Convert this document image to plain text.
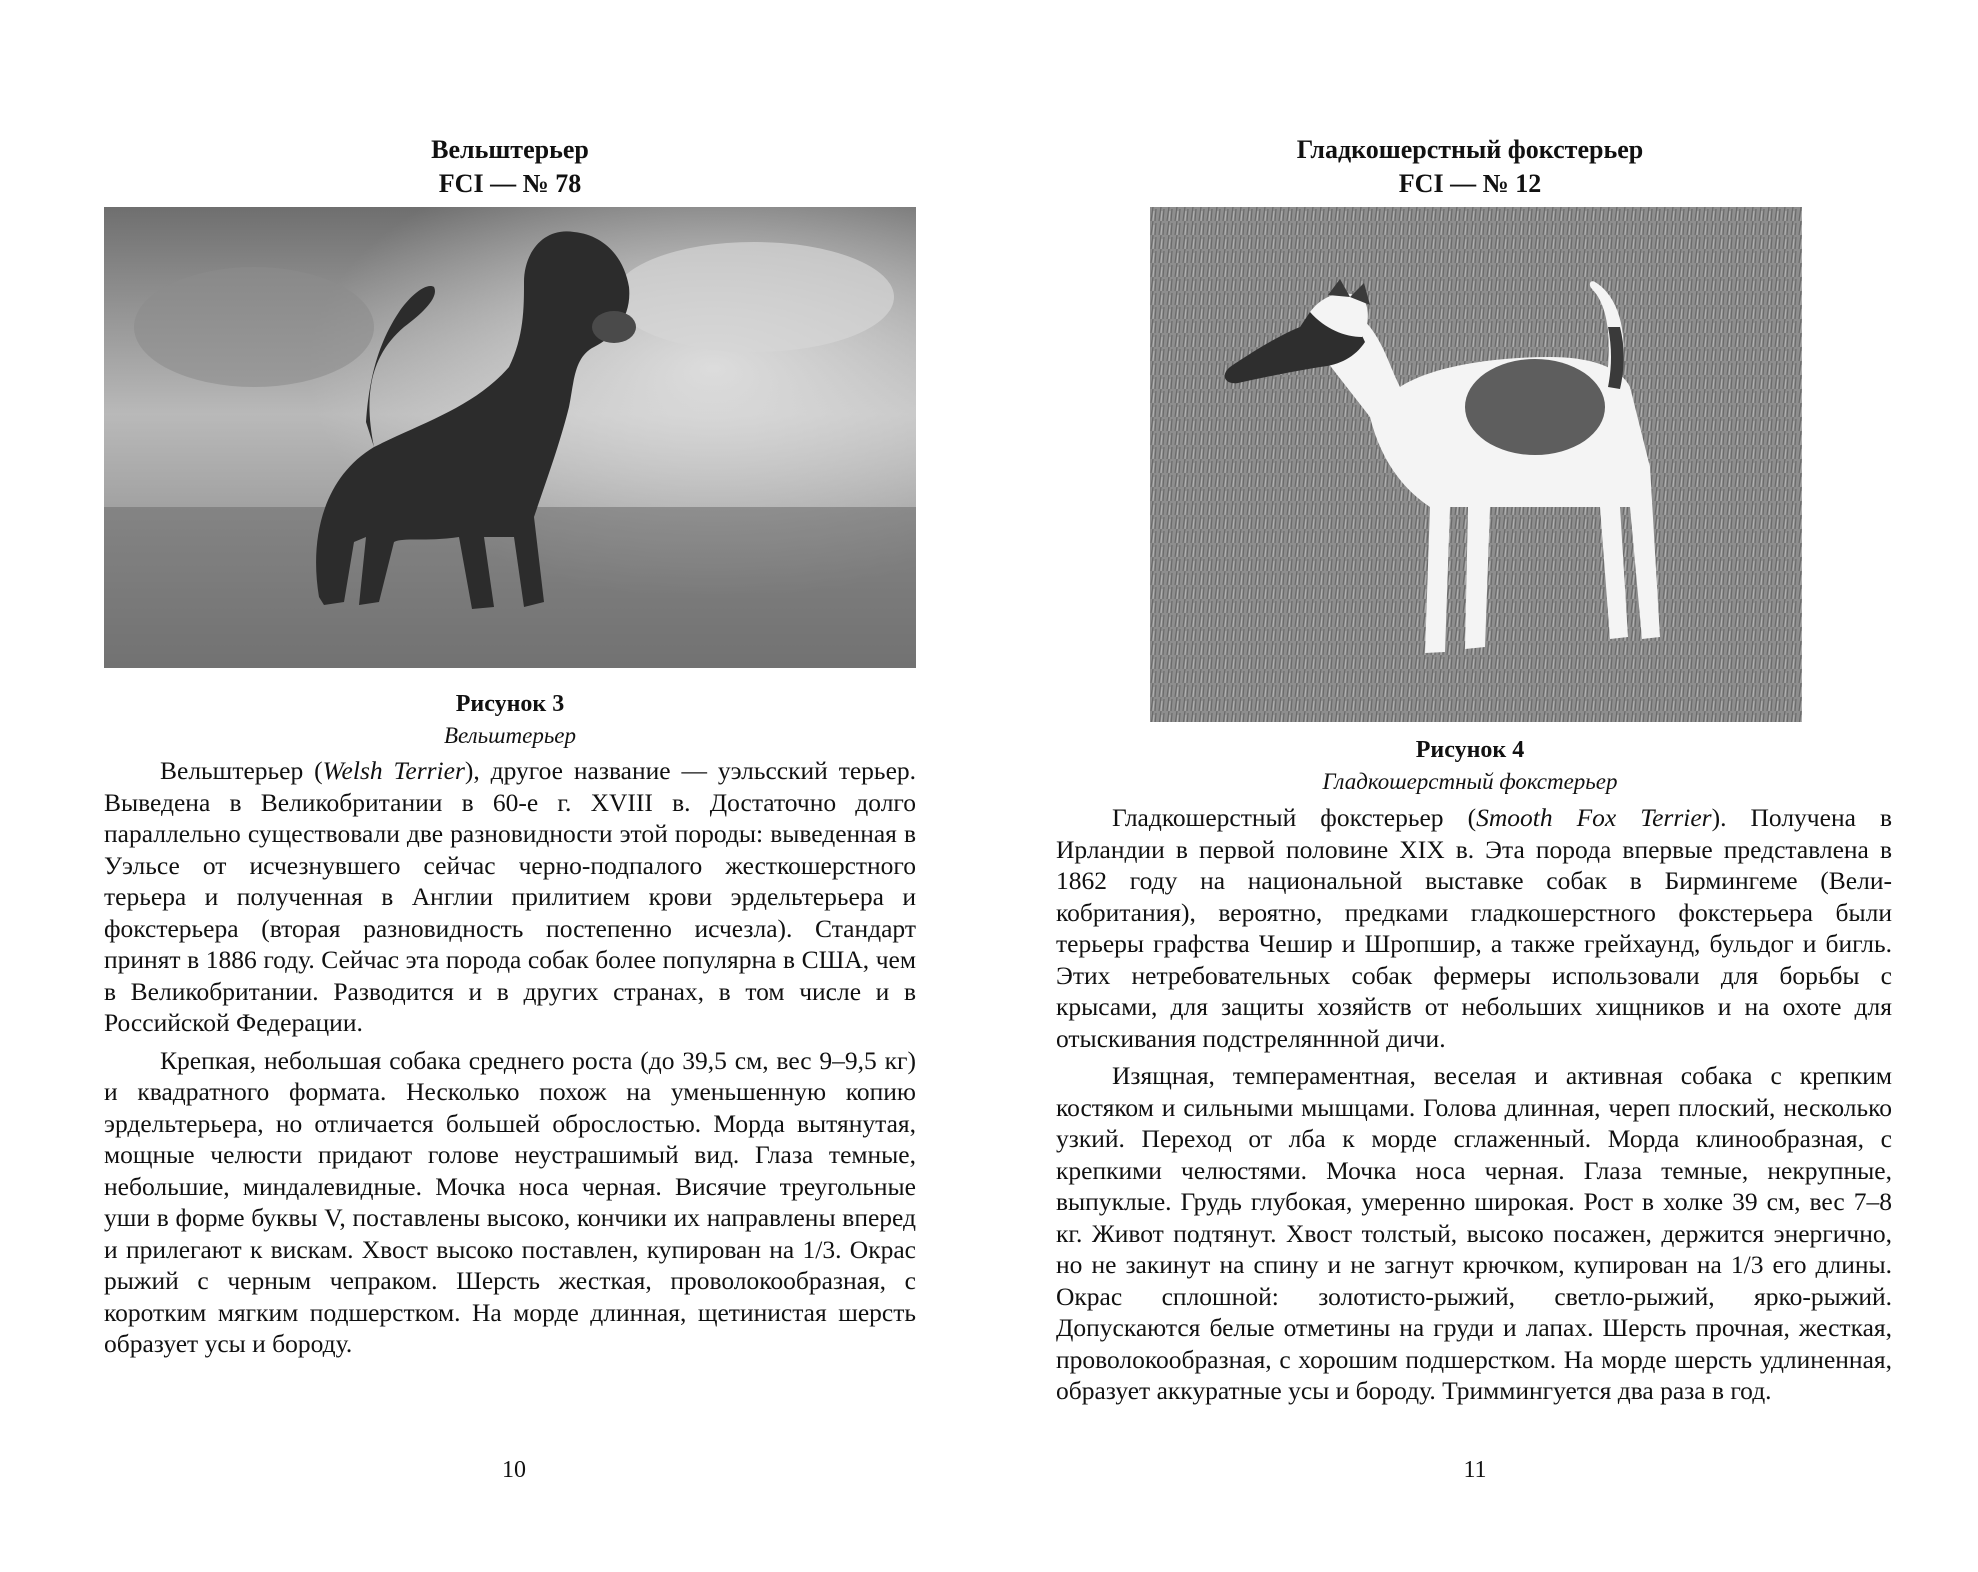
Вельштерьер
FCI — № 78
Рисунок 3
Вельштерьер

Вельштерьер (Welsh Terrier), другое название — уэльсский терьер. Выведена в Великобритании в 60-е г. XVIII в. Достаточно долго параллельно существовали две разновидности этой породы: выведенная в Уэльсе от исчезнувшего сейчас черно-подпалого жесткошерстного терьера и полученная в Англии прилитием крови эрдельтерьера и фокстерьера (вторая разновидность постепенно исчезла). Стандарт принят в 1886 году. Сейчас эта порода собак более популярна в США, чем в Великобритании. Разводится и в других странах, в том числе и в Российской Федерации.

Крепкая, небольшая собака среднего роста (до 39,5 см, вес 9–9,5 кг) и квадратного формата. Несколько похож на уменьшенную копию эрдельтерьера, но отличается большей оброслостью. Морда вытянутая, мощные челюсти придают голове неустрашимый вид. Глаза темные, небольшие, миндалевидные. Мочка носа черная. Висячие треугольные уши в форме буквы V, поставлены высоко, кончики их направлены вперед и прилегают к вискам. Хвост высоко поставлен, купирован на 1/3. Окрас рыжий с черным чепраком. Шерсть жесткая, проволокообразная, с коротким мягким подшерстком. На морде длинная, щетинистая шерсть образует усы и бороду.

10
Гладкошерстный фокстерьер
FCI — № 12
Рисунок 4
Гладкошерстный фокстерьер

Гладкошерстный фокстерьер (Smooth Fox Terrier). Получена в Ирландии в первой половине XIX в. Эта порода впервые представлена в 1862 году на национальной выставке собак в Бирмингеме (Великобритания), вероятно, предками гладкошерстного фокстерьера были терьеры графства Чешир и Шропшир, а также грейхаунд, бульдог и бигль. Этих нетребовательных собак фермеры использовали для борьбы с крысами, для защиты хозяйств от небольших хищников и на охоте для отыскивания подстреляннной дичи.

Изящная, темпераментная, веселая и активная собака с крепким костяком и сильными мышцами. Голова длинная, череп плоский, несколько узкий. Переход от лба к морде сглаженный. Морда клинообразная, с крепкими челюстями. Мочка носа черная. Глаза темные, некрупные, выпуклые. Грудь глубокая, умеренно широкая. Рост в холке 39 см, вес 7–8 кг. Живот подтянут. Хвост толстый, высоко посажен, держится энергично, но не закинут на спину и не загнут крючком, купирован на 1/3 его длины. Окрас сплошной: золотисто-рыжий, светло-рыжий, ярко-рыжий. Допускаются белые отметины на груди и лапах. Шерсть прочная, жесткая, проволокообразная, с хорошим подшерстком. На морде шерсть удлиненная, образует аккуратные усы и бороду. Триммингуется два раза в год.

11
